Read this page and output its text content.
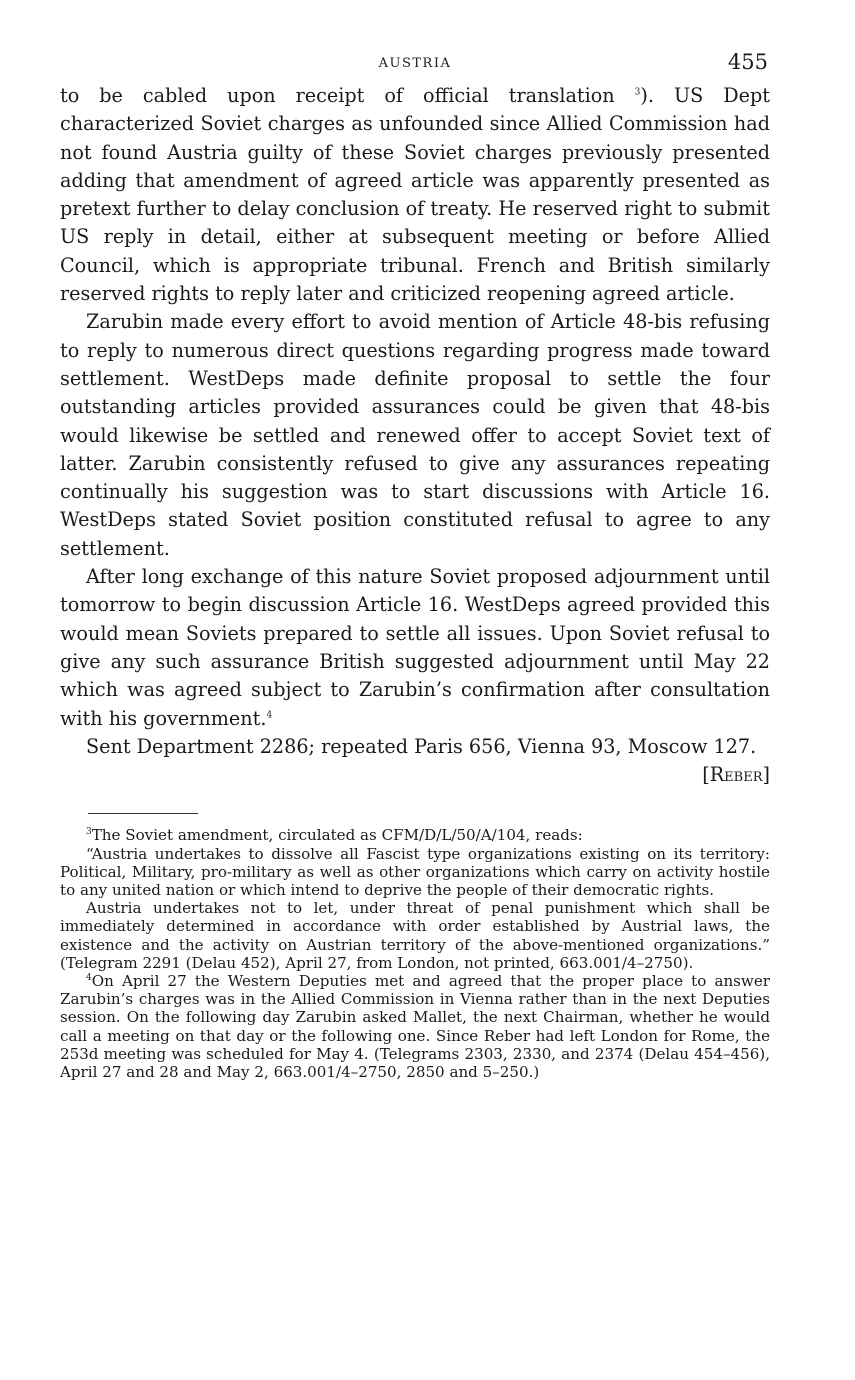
AUSTRIA	455

to be cabled upon receipt of official translation $^3$). US Dept characterized Soviet charges as unfounded since Allied Commission had not found Austria guilty of these Soviet charges previously presented adding that amendment of agreed article was apparently presented as pretext further to delay conclusion of treaty. He reserved right to submit US reply in detail, either at subsequent meeting or before Allied Council, which is appropriate tribunal. French and British similarly reserved rights to reply later and criticized reopening agreed article.

Zarubin made every effort to avoid mention of Article 48-bis refusing to reply to numerous direct questions regarding progress made toward settlement. WestDeps made definite proposal to settle the four outstanding articles provided assurances could be given that 48-bis would likewise be settled and renewed offer to accept Soviet text of latter. Zarubin consistently refused to give any assurances repeating continually his suggestion was to start discussions with Article 16. WestDeps stated Soviet position constituted refusal to agree to any settlement.

After long exchange of this nature Soviet proposed adjournment until tomorrow to begin discussion Article 16. WestDeps agreed provided this would mean Soviets prepared to settle all issues. Upon Soviet refusal to give any such assurance British suggested adjournment until May 22 which was agreed subject to Zarubin’s confirmation after consultation with his government.$^4$

Sent Department 2286; repeated Paris 656, Vienna 93, Moscow 127.

[Reber]

$^3$The Soviet amendment, circulated as CFM/D/L/50/A/104, reads:

“Austria undertakes to dissolve all Fascist type organizations existing on its territory: Political, Military, pro-military as well as other organizations which carry on activity hostile to any united nation or which intend to deprive the people of their democratic rights.

Austria undertakes not to let, under threat of penal punishment which shall be immediately determined in accordance with order established by Austrial laws, the existence and the activity on Austrian territory of the above-mentioned organizations.” (Telegram 2291 (Delau 452), April 27, from London, not printed, 663.001/4–2750).

$^4$On April 27 the Western Deputies met and agreed that the proper place to answer Zarubin’s charges was in the Allied Commission in Vienna rather than in the next Deputies session. On the following day Zarubin asked Mallet, the next Chairman, whether he would call a meeting on that day or the following one. Since Reber had left London for Rome, the 253d meeting was scheduled for May 4. (Telegrams 2303, 2330, and 2374 (Delau 454–456), April 27 and 28 and May 2, 663.001/4–2750, 2850 and 5–250.)
